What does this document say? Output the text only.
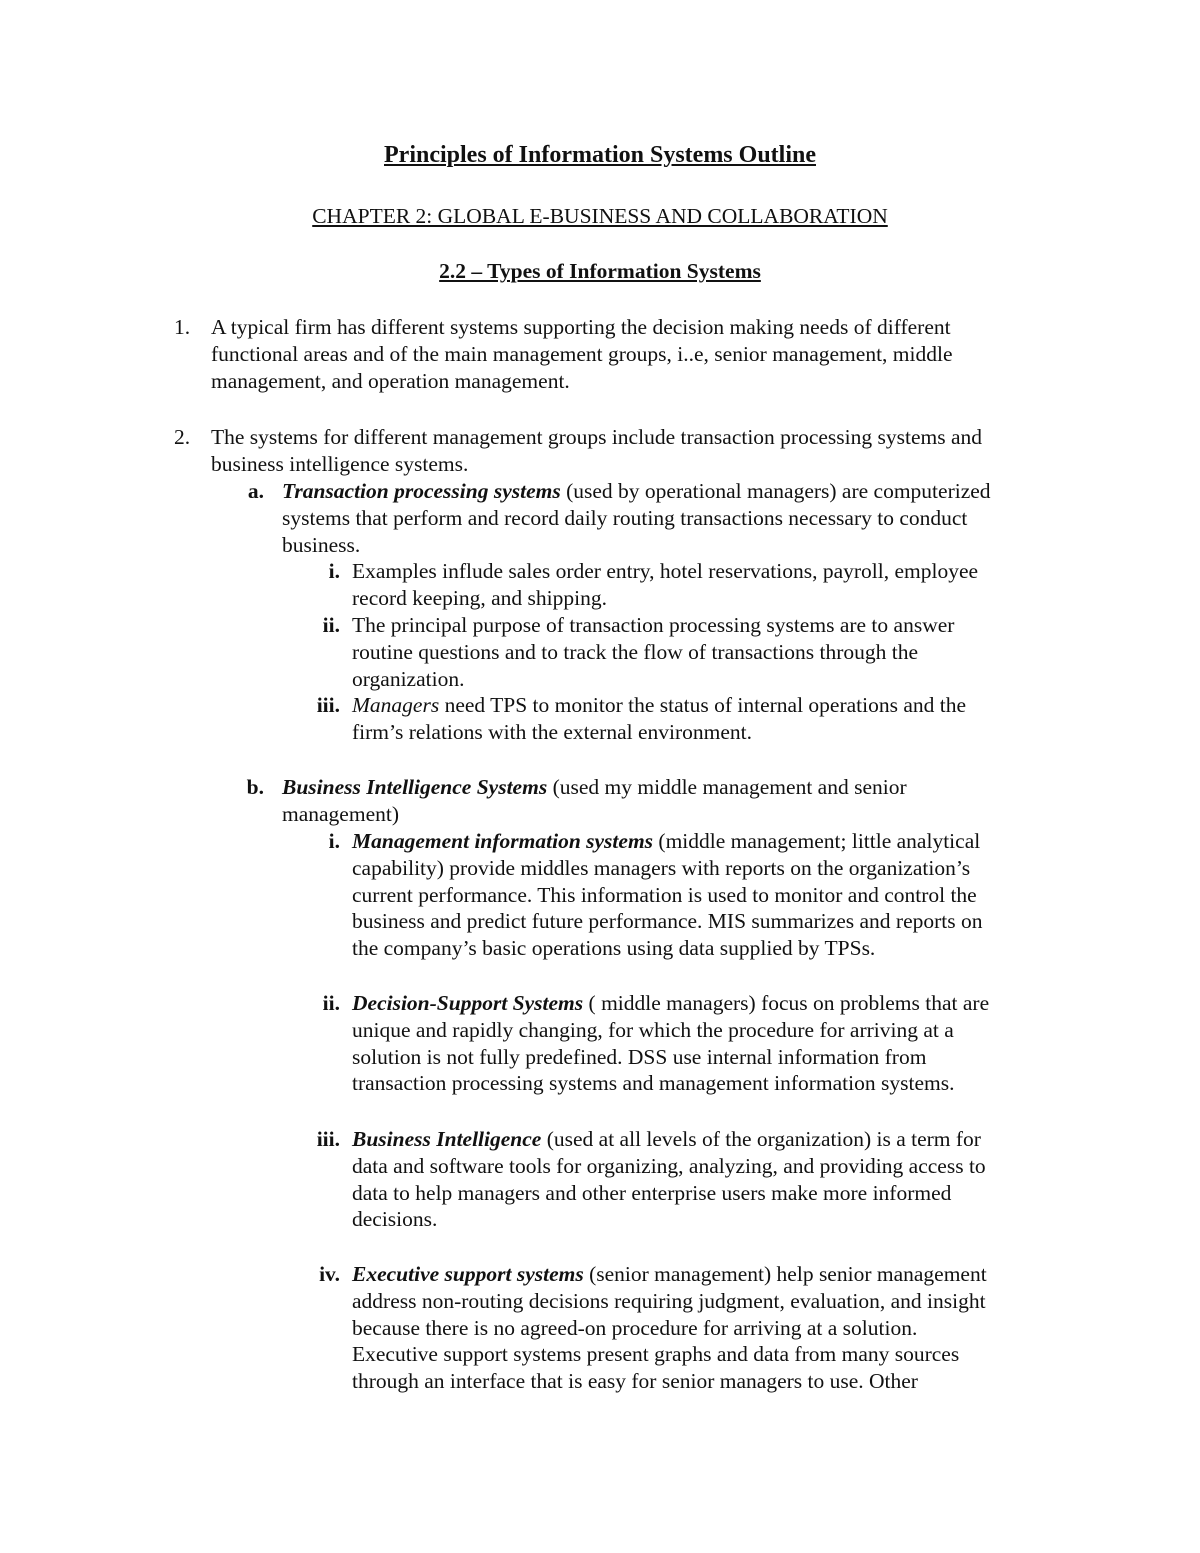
Principles of Information Systems Outline
CHAPTER 2: GLOBAL E-BUSINESS AND COLLABORATION
2.2 – Types of Information Systems
1. A typical firm has different systems supporting the decision making needs of different
functional areas and of the main management groups, i..e, senior management, middle
management, and operation management.
2. The systems for different management groups include transaction processing systems and
business intelligence systems.
a. Transaction processing systems (used by operational managers) are computerized
systems that perform and record daily routing transactions necessary to conduct
business.
i. Examples influde sales order entry, hotel reservations, payroll, employee
record keeping, and shipping.
ii. The principal purpose of transaction processing systems are to answer
routine questions and to track the flow of transactions through the
organization.
iii. Managers need TPS to monitor the status of internal operations and the
firm’s relations with the external environment.
b. Business Intelligence Systems (used my middle management and senior
management)
i. Management information systems (middle management; little analytical
capability) provide middles managers with reports on the organization’s
current performance. This information is used to monitor and control the
business and predict future performance. MIS summarizes and reports on
the company’s basic operations using data supplied by TPSs.
ii. Decision-Support Systems ( middle managers) focus on problems that are
unique and rapidly changing, for which the procedure for arriving at a
solution is not fully predefined. DSS use internal information from
transaction processing systems and management information systems.
iii. Business Intelligence (used at all levels of the organization) is a term for
data and software tools for organizing, analyzing, and providing access to
data to help managers and other enterprise users make more informed
decisions.
iv. Executive support systems (senior management) help senior management
address non-routing decisions requiring judgment, evaluation, and insight
because there is no agreed-on procedure for arriving at a solution.
Executive support systems present graphs and data from many sources
through an interface that is easy for senior managers to use. Other
